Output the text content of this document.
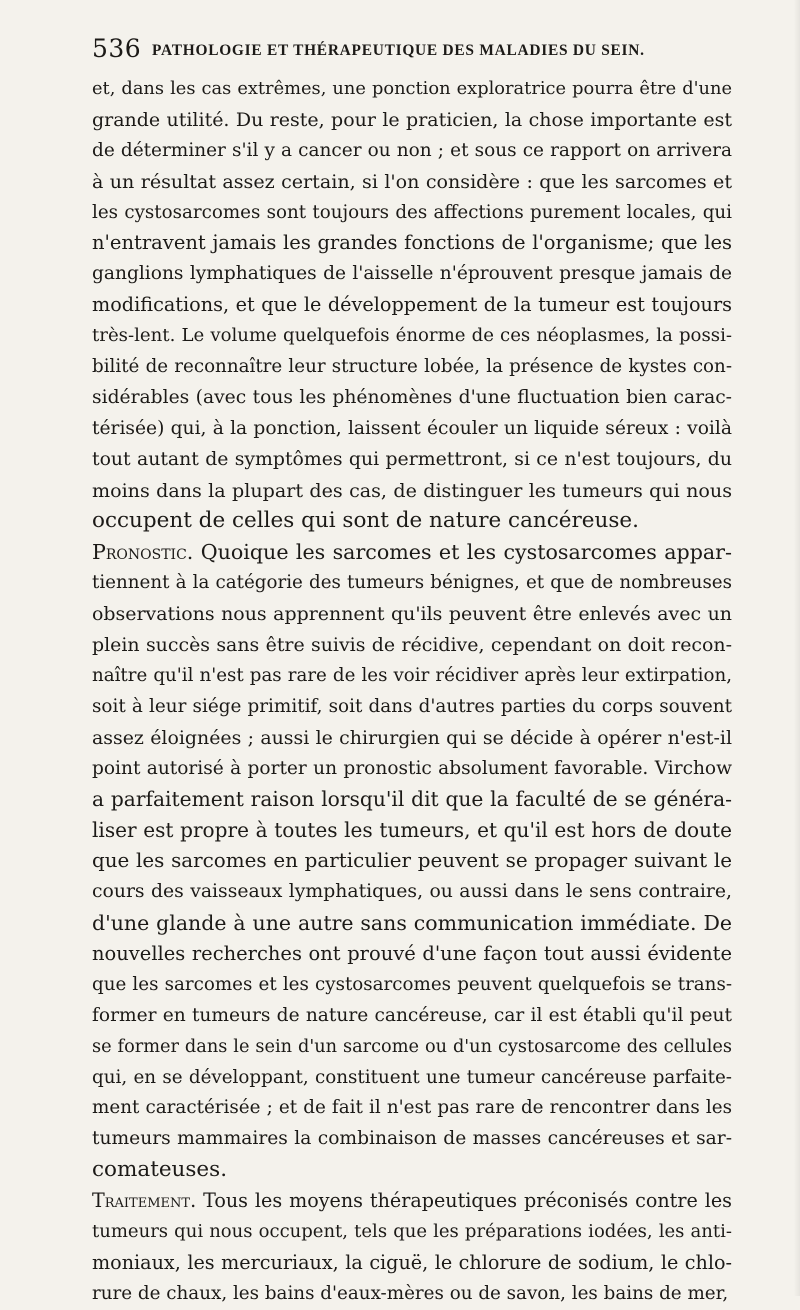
536 PATHOLOGIE ET THÉRAPEUTIQUE DES MALADIES DU SEIN.
et, dans les cas extrêmes, une ponction exploratrice pourra être d'une
grande utilité. Du reste, pour le praticien, la chose importante est
de déterminer s'il y a cancer ou non ; et sous ce rapport on arrivera
à un résultat assez certain, si l'on considère : que les sarcomes et
les cystosarcomes sont toujours des affections purement locales, qui
n'entravent jamais les grandes fonctions de l'organisme; que les
ganglions lymphatiques de l'aisselle n'éprouvent presque jamais de
modifications, et que le développement de la tumeur est toujours
très-lent. Le volume quelquefois énorme de ces néoplasmes, la possi-
bilité de reconnaître leur structure lobée, la présence de kystes con-
sidérables (avec tous les phénomènes d'une fluctuation bien carac-
térisée) qui, à la ponction, laissent écouler un liquide séreux : voilà
tout autant de symptômes qui permettront, si ce n'est toujours, du
moins dans la plupart des cas, de distinguer les tumeurs qui nous
occupent de celles qui sont de nature cancéreuse.
Pronostic. Quoique les sarcomes et les cystosarcomes appar-
tiennent à la catégorie des tumeurs bénignes, et que de nombreuses
observations nous apprennent qu'ils peuvent être enlevés avec un
plein succès sans être suivis de récidive, cependant on doit recon-
naître qu'il n'est pas rare de les voir récidiver après leur extirpation,
soit à leur siége primitif, soit dans d'autres parties du corps souvent
assez éloignées ; aussi le chirurgien qui se décide à opérer n'est-il
point autorisé à porter un pronostic absolument favorable. Virchow
a parfaitement raison lorsqu'il dit que la faculté de se généra-
liser est propre à toutes les tumeurs, et qu'il est hors de doute
que les sarcomes en particulier peuvent se propager suivant le
cours des vaisseaux lymphatiques, ou aussi dans le sens contraire,
d'une glande à une autre sans communication immédiate. De
nouvelles recherches ont prouvé d'une façon tout aussi évidente
que les sarcomes et les cystosarcomes peuvent quelquefois se trans-
former en tumeurs de nature cancéreuse, car il est établi qu'il peut
se former dans le sein d'un sarcome ou d'un cystosarcome des cellules
qui, en se développant, constituent une tumeur cancéreuse parfaite-
ment caractérisée ; et de fait il n'est pas rare de rencontrer dans les
tumeurs mammaires la combinaison de masses cancéreuses et sar-
comateuses.
Traitement. Tous les moyens thérapeutiques préconisés contre les
tumeurs qui nous occupent, tels que les préparations iodées, les anti-
moniaux, les mercuriaux, la ciguë, le chlorure de sodium, le chlo-
rure de chaux, les bains d'eaux-mères ou de savon, les bains de mer,
